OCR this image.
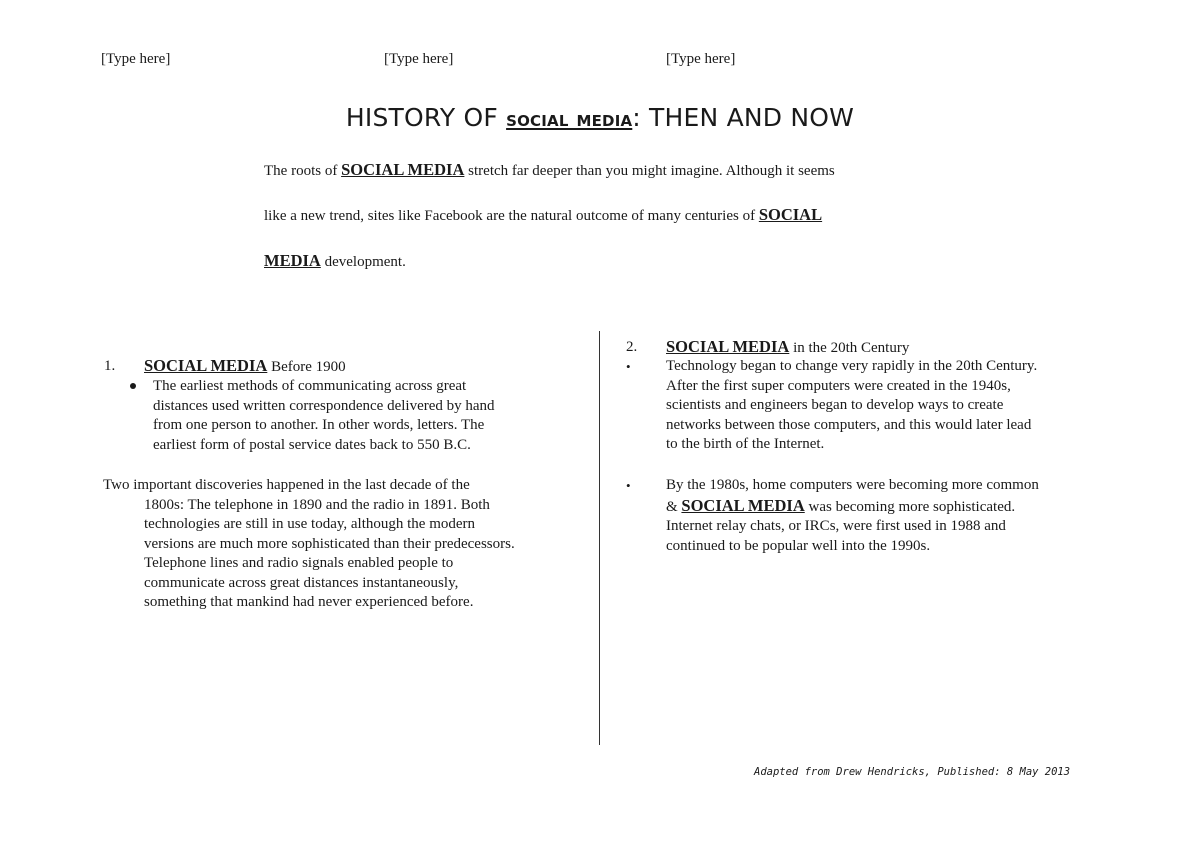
[Type here]	[Type here]	[Type here]
HISTORY OF social media: THEN AND NOW
The roots of SOCIAL MEDIA stretch far deeper than you might imagine. Although it seems
like a new trend, sites like Facebook are the natural outcome of many centuries of SOCIAL
MEDIA development.
1. SOCIAL MEDIA Before 1900
The earliest methods of communicating across great
distances used written correspondence delivered by hand
from one person to another. In other words, letters. The
earliest form of postal service dates back to 550 B.C.
Two important discoveries happened in the last decade of the
1800s: The telephone in 1890 and the radio in 1891. Both
technologies are still in use today, although the modern
versions are much more sophisticated than their predecessors.
Telephone lines and radio signals enabled people to
communicate across great distances instantaneously,
something that mankind had never experienced before.
2. SOCIAL MEDIA in the 20th Century
• Technology began to change very rapidly in the 20th Century.
After the first super computers were created in the 1940s,
scientists and engineers began to develop ways to create
networks between those computers, and this would later lead
to the birth of the Internet.
• By the 1980s, home computers were becoming more common
& SOCIAL MEDIA was becoming more sophisticated.
Internet relay chats, or IRCs, were first used in 1988 and
continued to be popular well into the 1990s.
Adapted from Drew Hendricks, Published: 8 May 2013
